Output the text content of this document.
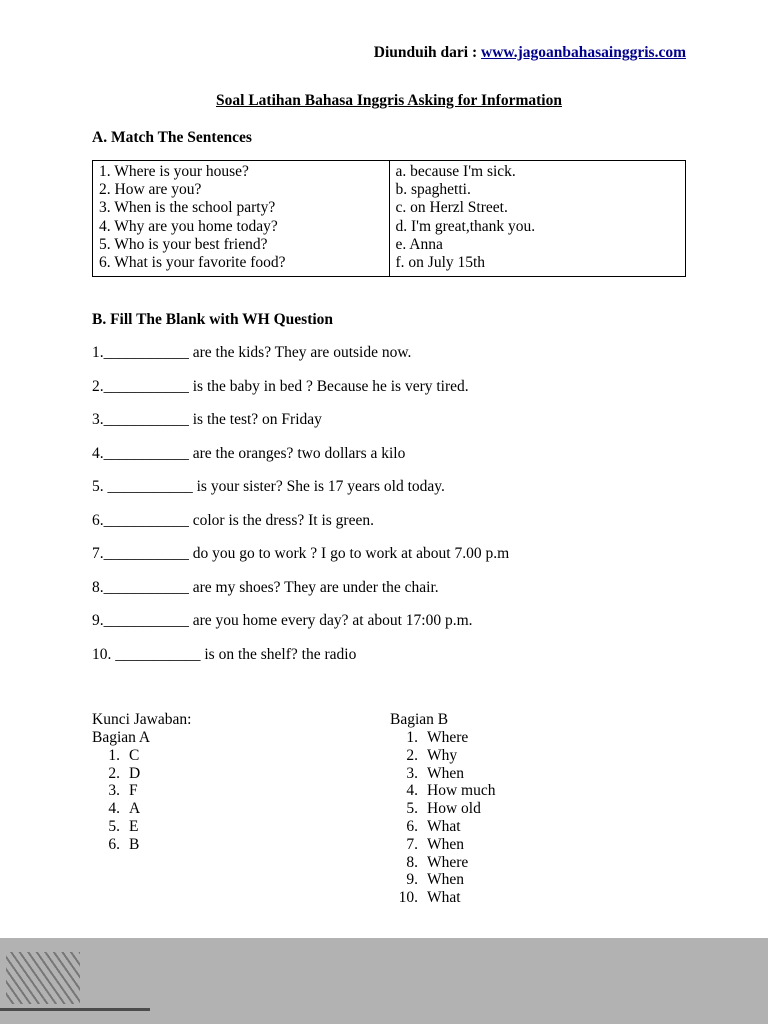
Diunduih dari : www.jagoanbahasainggris.com
Soal Latihan Bahasa Inggris Asking for Information
A. Match The Sentences
1. Where is your house?
2. How are you?
3. When is the school party?
4. Why are you home today?
5. Who is your best friend?
6. What is your favorite food?

a. because I'm sick.
b. spaghetti.
c. on Herzl Street.
d. I'm great,thank you.
e. Anna
f. on July 15th
B. Fill The Blank with WH Question

1.___________ are the kids? They are outside now.

2.___________ is the baby in bed ? Because he is very tired.

3.___________ is the test? on Friday

4.___________ are the oranges? two dollars a kilo

5. ___________ is your sister? She is 17 years old today.

6.___________ color is the dress? It is green.

7.___________ do you go to work ? I go to work at about 7.00 p.m

8.___________ are my shoes? They are under the chair.

9.___________ are you home every day? at about 17:00 p.m.

10. ___________ is on the shelf? the radio

Kunci Jawaban:
Bagian A
1. C
2. D
3. F
4. A
5. E
6. B
Bagian B
1. Where
2. Why
3. When
4. How much
5. How old
6. What
7. When
8. Where
9. When
10. What
